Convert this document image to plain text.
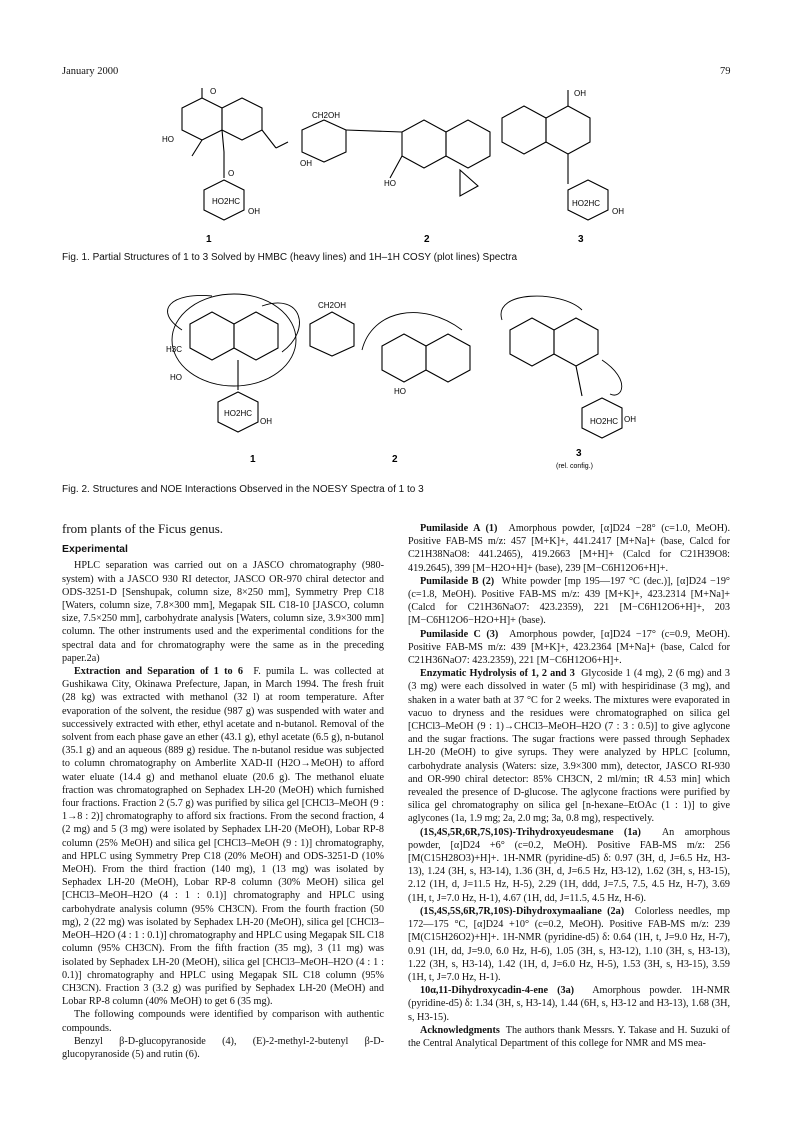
January 2000	79
O
HO
O
HO2HC
OH
CH2OH
OH
HO
OH
HO2HC
OH
1	2	3
Fig. 1. Partial Structures of 1 to 3 Solved by HMBC (heavy lines) and 1H–1H COSY (plot lines) Spectra
H3C
HO
HO2HC
OH
CH2OH
HO
HO2HC OH
1	2
3
(rel. config.)
Fig. 2. Structures and NOE Interactions Observed in the NOESY Spectra of 1 to 3

from plants of the Ficus genus.

Experimental

HPLC separation was carried out on a JASCO chromatography (980-system) with a JASCO 930 RI detector, JASCO OR-970 chiral detector and ODS-3251-D [Senshupak, column size, 8×250 mm], Symmetry Prep C18 [Waters, column size, 7.8×300 mm], Megapak SIL C18-10 [JASCO, column size, 7.5×250 mm], carbohydrate analysis [Waters, column size, 3.9×300 mm] column. The other instruments used and the experimental conditions for the spectral data and for chromatography were the same as in the preceding paper.2a)

Extraction and Separation of 1 to 6 F. pumila L. was collected at Gushikawa City, Okinawa Prefecture, Japan, in March 1994. The fresh fruit (28 kg) was extracted with methanol (32 l) at room temperature. After evaporation of the solvent, the residue (987 g) was suspended with water and successively extracted with ether, ethyl acetate and n-butanol. Removal of the solvent from each phase gave an ether (43.1 g), ethyl acetate (6.5 g), n-butanol (35.1 g) and an aqueous (889 g) residue. The n-butanol residue was subjected to column chromatography on Amberlite XAD-II (H2O→MeOH) to afford water eluate (14.4 g) and methanol eluate (20.6 g). The methanol eluate fraction was chromatographed on Sephadex LH-20 (MeOH) which furnished four fractions. Fraction 2 (5.7 g) was purified by silica gel [CHCl3–MeOH (9 : 1→8 : 2)] chromatography to afford six fractions. From the second fraction, 4 (2 mg) and 5 (3 mg) were isolated by Sephadex LH-20 (MeOH), Lobar RP-8 column (25% MeOH) and silica gel [CHCl3–MeOH (9 : 1)] chromatography, and HPLC using Symmetry Prep C18 (20% MeOH) and ODS-3251-D (10% MeOH). From the third fraction (140 mg), 1 (13 mg) was isolated by Sephadex LH-20 (MeOH), Lobar RP-8 column (30% MeOH) silica gel [CHCl3–MeOH–H2O (4 : 1 : 0.1)] chromatography and HPLC using carbohydrate analysis column (95% CH3CN). From the fourth fraction (50 mg), 2 (22 mg) was isolated by Sephadex LH-20 (MeOH), silica gel [CHCl3–MeOH–H2O (4 : 1 : 0.1)] chromatography and HPLC using Megapak SIL C18 column (95% CH3CN). From the fifth fraction (35 mg), 3 (11 mg) was isolated by Sephadex LH-20 (MeOH), silica gel [CHCl3–MeOH–H2O (4 : 1 : 0.1)] chromatography and HPLC using Megapak SIL C18 column (95% CH3CN). Fraction 3 (3.2 g) was purified by Sephadex LH-20 (MeOH) and Lobar RP-8 column (40% MeOH) to get 6 (35 mg).

The following compounds were identified by comparison with authentic compounds.

Benzyl β-D-glucopyranoside (4), (E)-2-methyl-2-butenyl β-D-glucopyranoside (5) and rutin (6).

Pumilaside A (1) Amorphous powder, [α]D24 −28° (c=1.0, MeOH). Positive FAB-MS m/z: 457 [M+K]+, 441.2417 [M+Na]+ (base, Calcd for C21H38NaO8: 441.2465), 419.2663 [M+H]+ (Calcd for C21H39O8: 419.2645), 399 [M−H2O+H]+ (base), 239 [M−C6H12O6+H]+.

Pumilaside B (2) White powder [mp 195—197 °C (dec.)], [α]D24 −19° (c=1.8, MeOH). Positive FAB-MS m/z: 439 [M+K]+, 423.2314 [M+Na]+ (Calcd for C21H36NaO7: 423.2359), 221 [M−C6H12O6+H]+, 203 [M−C6H12O6−H2O+H]+ (base).

Pumilaside C (3) Amorphous powder, [α]D24 −17° (c=0.9, MeOH). Positive FAB-MS m/z: 439 [M+K]+, 423.2364 [M+Na]+ (base, Calcd for C21H36NaO7: 423.2359), 221 [M−C6H12O6+H]+.

Enzymatic Hydrolysis of 1, 2 and 3 Glycoside 1 (4 mg), 2 (6 mg) and 3 (3 mg) were each dissolved in water (5 ml) with hespiridinase (3 mg), and shaken in a water bath at 37 °C for 2 weeks. The mixtures were evaporated in vacuo to dryness and the residues were chromatographed on silica gel [CHCl3–MeOH (9 : 1)→CHCl3–MeOH–H2O (7 : 3 : 0.5)] to give aglycone and the sugar fractions. The sugar fractions were passed through Sephadex LH-20 (MeOH) to give syrups. They were analyzed by HPLC [column, carbohydrate analysis (Waters: size, 3.9×300 mm), detector, JASCO RI-930 and OR-990 chiral detector: 85% CH3CN, 2 ml/min; tR 4.53 min] which revealed the presence of D-glucose. The aglycone fractions were purified by silica gel chromatography on silica gel [n-hexane–EtOAc (1 : 1)] to give aglycones (1a, 1.9 mg; 2a, 2.0 mg; 3a, 0.8 mg), respectively.

(1S,4S,5R,6R,7S,10S)-Trihydroxyeudesmane (1a) An amorphous powder, [α]D24 +6° (c=0.2, MeOH). Positive FAB-MS m/z: 256 [M(C15H28O3)+H]+. 1H-NMR (pyridine-d5) δ: 0.97 (3H, d, J=6.5 Hz, H3-13), 1.24 (3H, s, H3-14), 1.36 (3H, d, J=6.5 Hz, H3-12), 1.62 (3H, s, H3-15), 2.12 (1H, d, J=11.5 Hz, H-5), 2.29 (1H, ddd, J=7.5, 7.5, 4.5 Hz, H-7), 3.69 (1H, t, J=7.0 Hz, H-1), 4.67 (1H, dd, J=11.5, 4.5 Hz, H-6).

(1S,4S,5S,6R,7R,10S)-Dihydroxymaaliane (2a) Colorless needles, mp 172—175 °C, [α]D24 +10° (c=0.2, MeOH). Positive FAB-MS m/z: 239 [M(C15H26O2)+H]+. 1H-NMR (pyridine-d5) δ: 0.64 (1H, t, J=9.0 Hz, H-7), 0.91 (1H, dd, J=9.0, 6.0 Hz, H-6), 1.05 (3H, s, H3-12), 1.10 (3H, s, H3-13), 1.22 (3H, s, H3-14), 1.42 (1H, d, J=6.0 Hz, H-5), 1.53 (3H, s, H3-15), 3.59 (1H, t, J=7.0 Hz, H-1).

10α,11-Dihydroxycadin-4-ene (3a) Amorphous powder. 1H-NMR (pyridine-d5) δ: 1.34 (3H, s, H3-14), 1.44 (6H, s, H3-12 and H3-13), 1.68 (3H, s, H3-15).

Acknowledgments The authors thank Messrs. Y. Takase and H. Suzuki of the Central Analytical Department of this college for NMR and MS mea-
